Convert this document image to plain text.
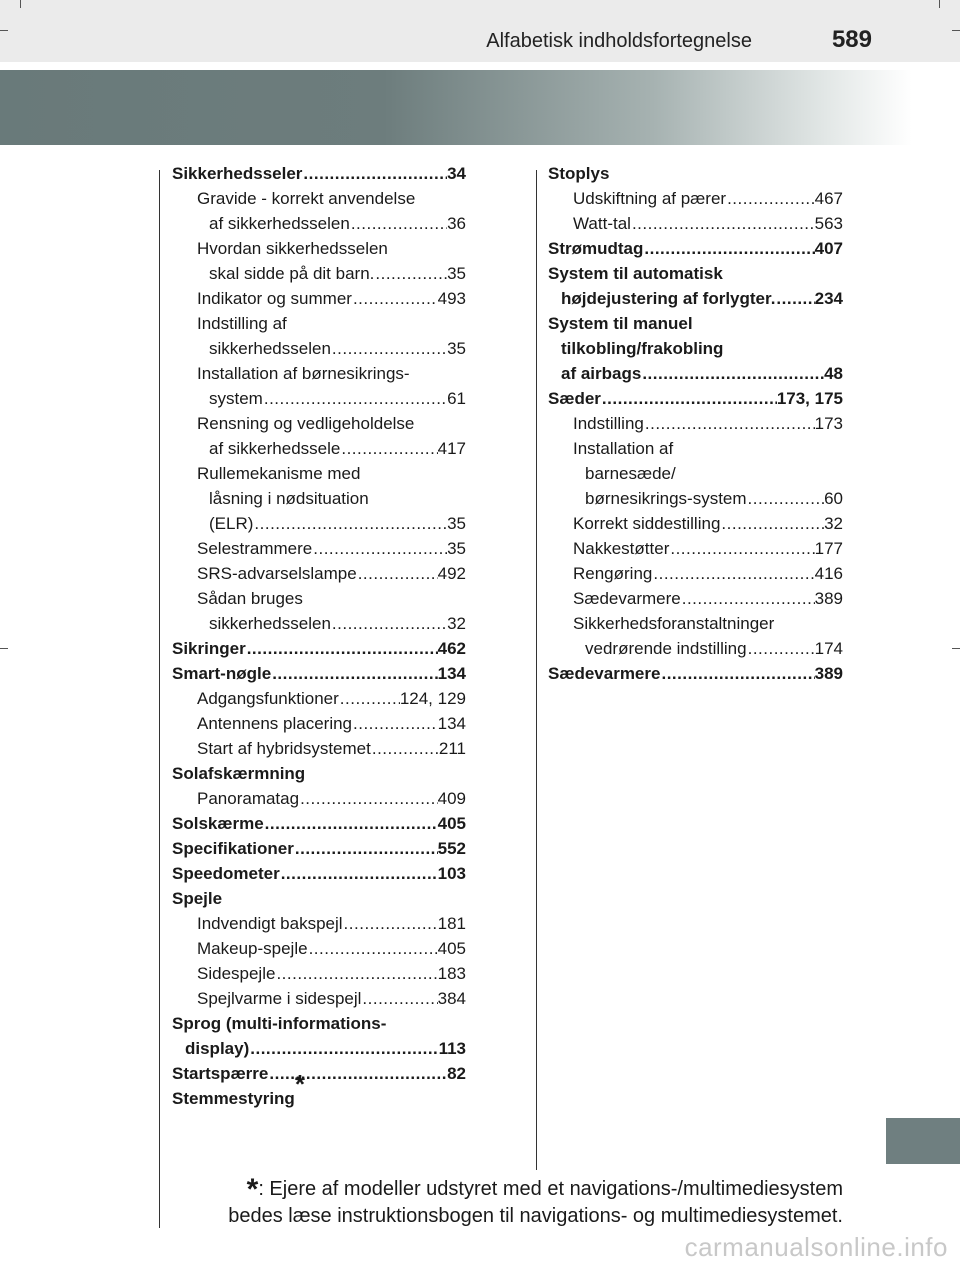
Alfabetisk indholdsfortegnelse	589
Sikkerhedsseler .....	34
Gravide - korrekt anvendelse
af sikkerhedsselen .....	36
Hvordan sikkerhedsselen
skal sidde på dit barn. .....	35
Indikator og summer .....	493
Indstilling af
sikkerhedsselen .....	35
Installation af børnesikrings-
system .....	61
Rensning og vedligeholdelse
af sikkerhedssele .....	417
Rullemekanisme med
låsning i nødsituation
(ELR) .....	35
Selestrammere .....	35
SRS-advarselslampe .....	492
Sådan bruges
sikkerhedsselen .....	32
Sikringer .....	462
Smart-nøgle .....	134
Adgangsfunktioner .....	124, 129
Antennens placering .....	134
Start af hybridsystemet .....	211
Solafskærmning
Panoramatag .....	409
Solskærme .....	405
Specifikationer .....	552
Speedometer .....	103
Spejle
Indvendigt bakspejl .....	181
Makeup-spejle .....	405
Sidespejle .....	183
Spejlvarme i sidespejl .....	384
Sprog (multi-informations-
display) .....	113
Startspærre .....	82
Stemmestyring*
Stoplys
Udskiftning af pærer .....	467
Watt-tal .....	563
Strømudtag .....	407
System til automatisk
højdejustering af forlygter. ..... 234
System til manuel
tilkobling/frakobling
af airbags .....	48
Sæder .....	173, 175
Indstilling .....	173
Installation af
barnesæde/
børnesikrings-system .....	60
Korrekt siddestilling .....	32
Nakkestøtter .....	177
Rengøring .....	416
Sædevarmere .....	389
Sikkerhedsforanstaltninger
vedrørende indstilling .....	174
Sædevarmere .....	389
*: Ejere af modeller udstyret med et navigations-/multimediesystem
bedes læse instruktionsbogen til navigations- og multimediesystemet.
carmanualsonline.info
